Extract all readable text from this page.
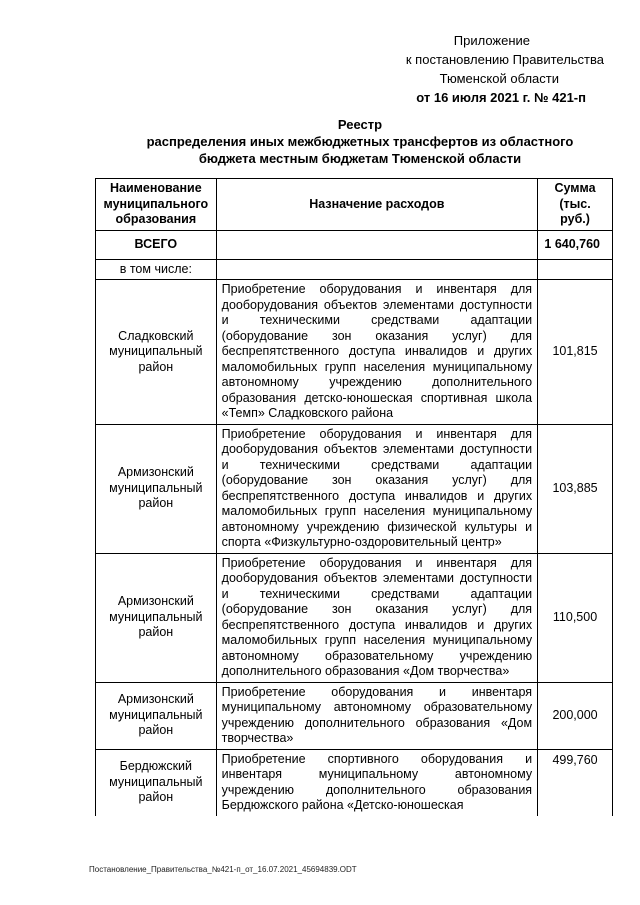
Приложение
к постановлению Правительства
Тюменской области
от 16 июля 2021 г. № 421-п
Реестр
распределения иных межбюджетных трансфертов из областного
бюджета местным бюджетам Тюменской области
Наименование муниципального образования	Назначение расходов	Сумма (тыс. руб.)
ВСЕГО		1 640,760
в том числе:		
Сладковский муниципальный район	Приобретение оборудования и инвентаря для дооборудования объектов элементами доступности и техническими средствами адаптации (оборудование зон оказания услуг) для беспрепятственного доступа инвалидов и других маломобильных групп населения муниципальному автономному учреждению дополнительного образования детско-юношеская спортивная школа «Темп» Сладковского района	101,815
Армизонский муниципальный район	Приобретение оборудования и инвентаря для дооборудования объектов элементами доступности и техническими средствами адаптации (оборудование зон оказания услуг) для беспрепятственного доступа инвалидов и других маломобильных групп населения муниципальному автономному учреждению физической культуры и спорта «Физкультурно-оздоровительный центр»	103,885
Армизонский муниципальный район	Приобретение оборудования и инвентаря для дооборудования объектов элементами доступности и техническими средствами адаптации (оборудование зон оказания услуг) для беспрепятственного доступа инвалидов и других маломобильных групп населения муниципальному автономному образовательному учреждению дополнительного образования «Дом творчества»	110,500
Армизонский муниципальный район	Приобретение оборудования и инвентаря муниципальному автономному образовательному учреждению дополнительного образования «Дом творчества»	200,000
Бердюжский муниципальный район	Приобретение спортивного оборудования и инвентаря муниципальному автономному учреждению дополнительного образования Бердюжского района «Детско-юношеская	499,760
Постановление_Правительства_№421-п_от_16.07.2021_45694839.ODT
